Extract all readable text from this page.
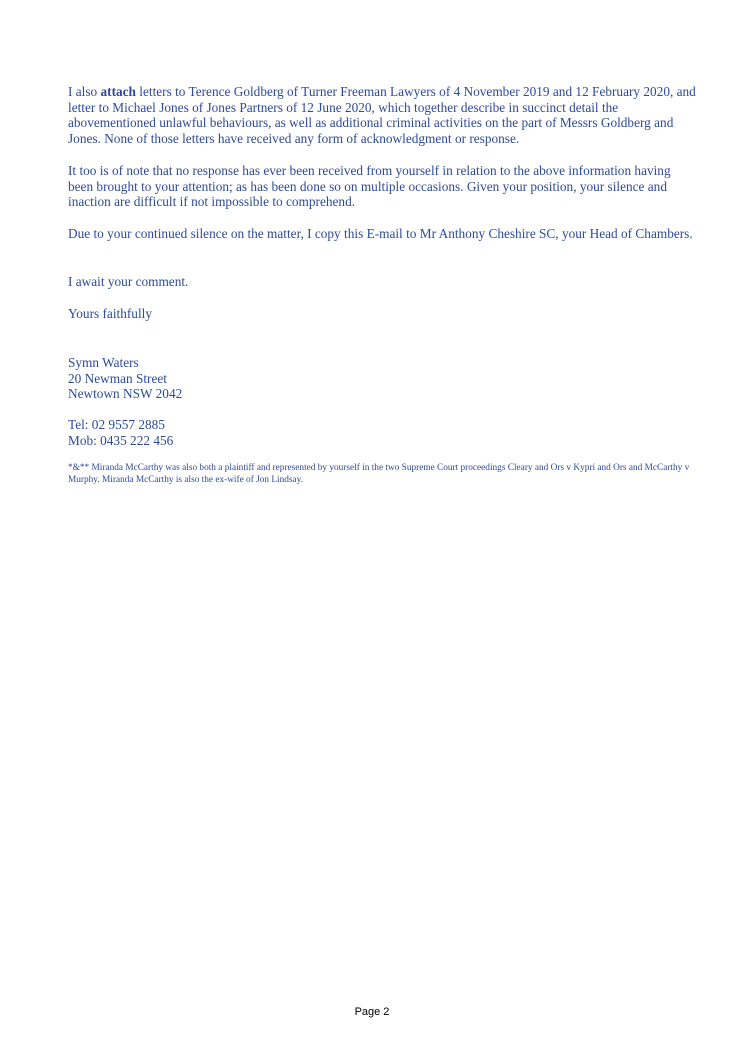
I also attach letters to Terence Goldberg of Turner Freeman Lawyers of 4 November 2019 and 12 February 2020, and letter to Michael Jones of Jones Partners of 12 June 2020, which together describe in succinct detail the abovementioned unlawful behaviours, as well as additional criminal activities on the part of Messrs Goldberg and Jones. None of those letters have received any form of acknowledgment or response.

It too is of note that no response has ever been received from yourself in relation to the above information having been brought to your attention; as has been done so on multiple occasions. Given your position, your silence and inaction are difficult if not impossible to comprehend.

Due to your continued silence on the matter, I copy this E-mail to Mr Anthony Cheshire SC, your Head of Chambers.

I await your comment.

Yours faithfully

Symn Waters
20 Newman Street
Newtown NSW 2042
Tel: 02 9557 2885
Mob: 0435 222 456

*&** Miranda McCarthy was also both a plaintiff and represented by yourself in the two Supreme Court proceedings Cleary and Ors v Kypri and Ors and McCarthy v Murphy. Miranda McCarthy is also the ex-wife of Jon Lindsay.

Page 2
